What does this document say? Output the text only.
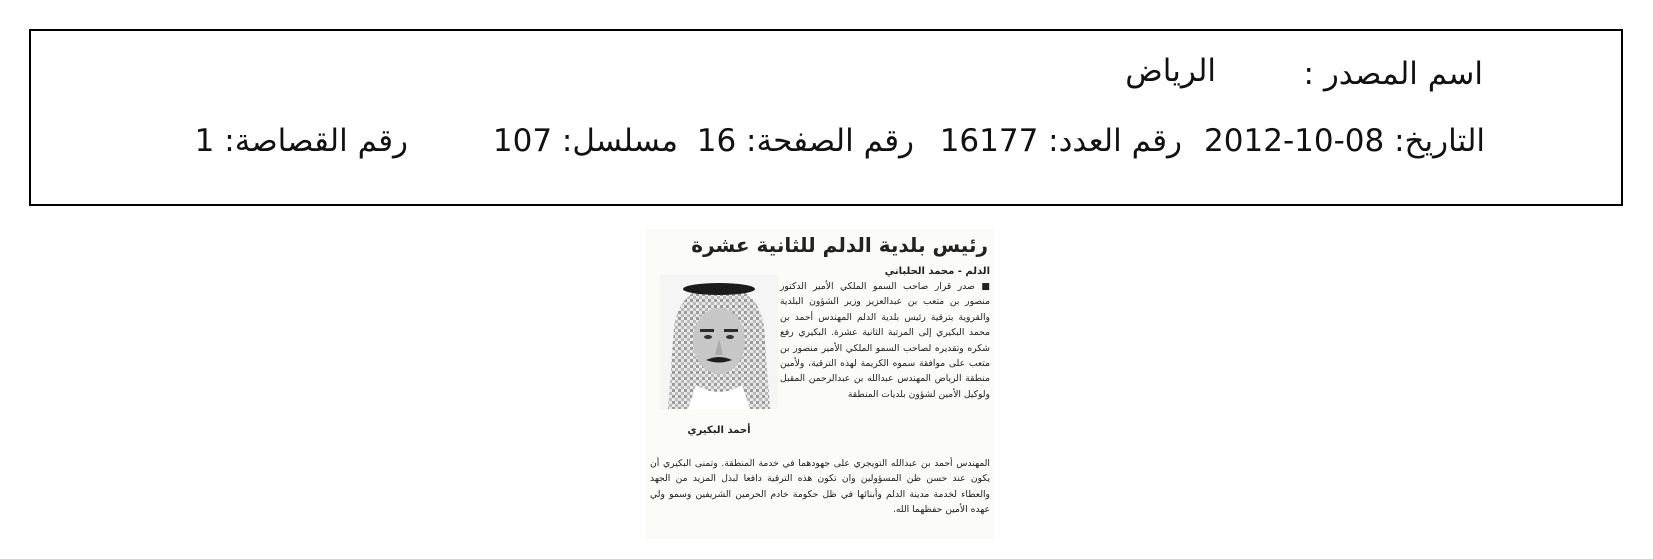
اسم المصدر :
الرياض
التاريخ: 08-10-2012
رقم العدد: 16177
رقم الصفحة: 16
مسلسل: 107
رقم القصاصة: 1
رئيس بلدية الدلم للثانية عشرة
الدلم - محمد الحلباني
أحمد البكيري

■ صدر قرار صاحب السمو الملكي الأمير الدكتور منصور بن متعب بن عبدالعزيز وزير الشؤون البلدية والقروية بترقية رئيس بلدية الدلم المهندس أحمد بن محمد البكيري إلى المرتبة الثانية عشرة. البكيري رفع شكره وتقديره لصاحب السمو الملكي الأمير منصور بن متعب على موافقة سموه الكريمة لهذه الترقية، ولأمين منطقة الرياض المهندس عبدالله بن عبدالرحمن المقبل ولوكيل الأمين لشؤون بلديات المنطقة

المهندس أحمد بن عبدالله التويجري على جهودهما في خدمة المنطقة. وتمنى البكيري أن يكون عند حسن ظن المسؤولين وان تكون هذه الترقية دافعا لبذل المزيد من الجهد والعطاء لخدمة مدينة الدلم وأبنائها في ظل حكومة خادم الحرمين الشريفين وسمو ولي عهده الأمين حفظهما الله.
